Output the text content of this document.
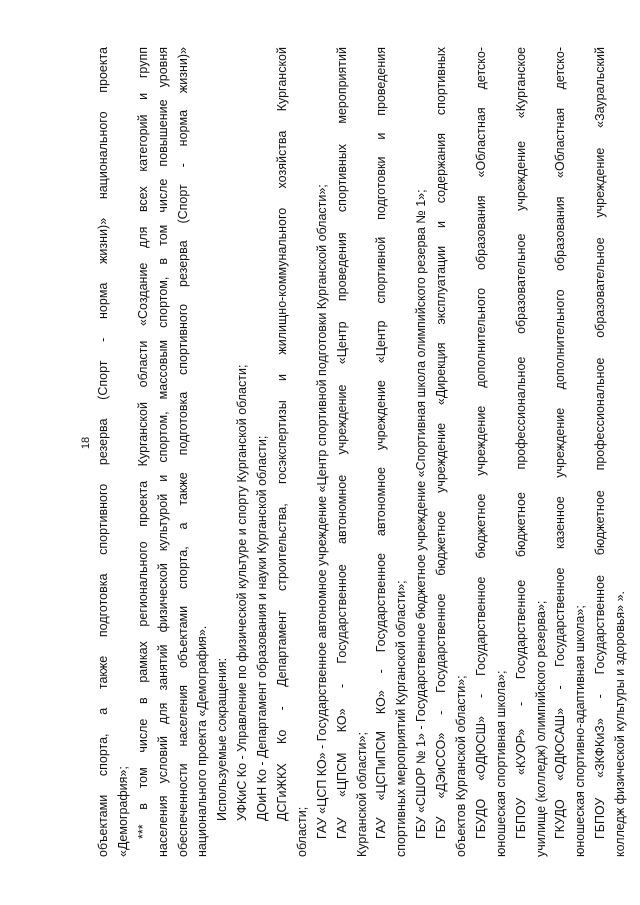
18 объектами спорта, а также подготовка спортивного резерва (Спорт - норма жизни)» национального проекта «Демография»; *** в том числе в рамках регионального проекта Курганской области «Создание для всех категорий и групп населения условий для занятий физической культурой и спортом, массовым спортом, в том числе повышение уровня обеспеченности населения объектами спорта, а также подготовка спортивного резерва (Спорт - норма жизни)» национального проекта «Демография». Используемые сокращения: УФКиС Ко - Управление по физической культуре и спорту Курганской области; ДОиН Ко - Департамент образования и науки Курганской области; ДСГиЖКХ Ко - Департамент строительства, госэкспертизы и жилищно-коммунального хозяйства Курганской
области; ГАУ «ЦСП КО» - Государственное автономное учреждение «Центр спортивной подготовки Курганской области»; ГАУ «ЦПСМ КО» - Государственное автономное учреждение «Центр проведения спортивных мероприятий Курганской области»; ГАУ «ЦСПиПСМ КО» - Государственное автономное учреждение «Центр спортивной подготовки и проведения спортивных мероприятий Курганской области»; ГБУ «СШОР № 1» - Государственное бюджетное учреждение «Спортивная школа олимпийского резерва № 1»; ГБУ «ДЭиССО» - Государственное бюджетное учреждение «Дирекция эксплуатации и содержания спортивных объектов Курганской области»; ГБУДО «ОДЮСШ» - Государственное бюджетное учреждение дополнительного образования «Областная детско- юношеская спортивная школа»; ГБПОУ «КУОР» - Государственное бюджетное профессиональное образовательное учреждение «Курганское училище (колледж) олимпийского резерва»; ГКУДО «ОДЮСАШ» - Государственное казенное учреждение дополнительного образования «Областная детско- юношеская спортивно-адаптивная школа»; ГБПОУ «ЗКФКиЗ» - Государственное бюджетное профессиональное образовательное учреждение «Зауральский колледж физической культуры и здоровья» ».
